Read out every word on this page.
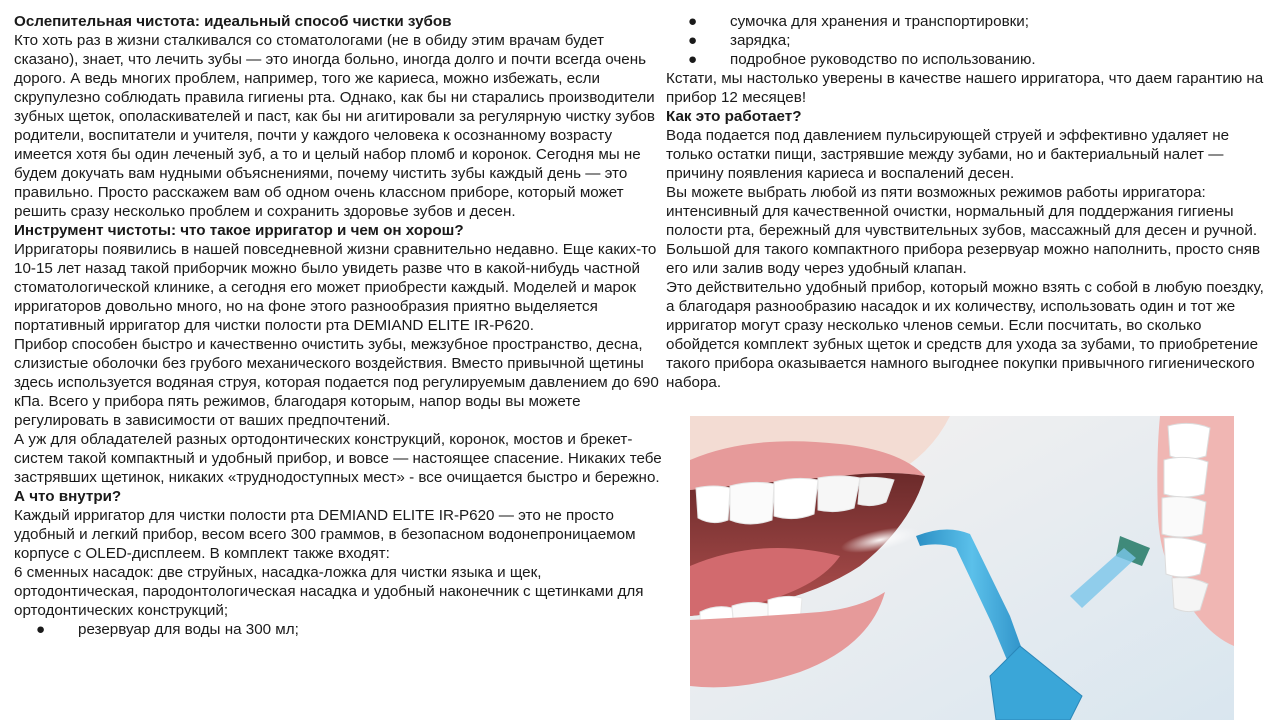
Ослепительная чистота: идеальный способ чистки зубов

Кто хоть раз в жизни сталкивался со стоматологами (не в обиду этим врачам будет сказано), знает, что лечить зубы — это иногда больно, иногда долго и почти всегда очень дорого. А ведь многих проблем, например, того же кариеса, можно избежать, если скрупулезно соблюдать правила гигиены рта. Однако, как бы ни старались производители зубных щеток, ополаскивателей и паст, как бы ни агитировали за регулярную чистку зубов родители, воспитатели и учителя, почти у каждого человека к осознанному возрасту имеется хотя бы один леченый зуб, а то и целый набор пломб и коронок. Сегодня мы не будем докучать вам нудными объяснениями, почему чистить зубы каждый день — это правильно. Просто расскажем вам об одном очень классном приборе, который может решить сразу несколько проблем и сохранить здоровье зубов и десен.

Инструмент чистоты: что такое ирригатор и чем он хорош?

Ирригаторы появились в нашей повседневной жизни сравнительно недавно. Еще каких-то 10-15 лет назад такой приборчик можно было увидеть разве что в какой-нибудь частной стоматологической клинике, а сегодня его может приобрести каждый. Моделей и марок ирригаторов довольно много, но на фоне этого разнообразия приятно выделяется портативный ирригатор для чистки полости рта DEMIAND ELITE IR-P620.

Прибор способен быстро и качественно очистить зубы, межзубное пространство, десна, слизистые оболочки без грубого механического воздействия. Вместо привычной щетины здесь используется водяная струя, которая подается под регулируемым давлением до 690 кПа. Всего у прибора пять режимов, благодаря которым, напор воды вы можете регулировать в зависимости от ваших предпочтений.

А уж для обладателей разных ортодонтических конструкций, коронок, мостов и брекет-систем такой компактный и удобный прибор, и вовсе — настоящее спасение. Никаких тебе застрявших щетинок, никаких «труднодоступных мест» - все очищается быстро и бережно.

А что внутри?

Каждый ирригатор для чистки полости рта DEMIAND ELITE IR-P620 — это не просто удобный и легкий прибор, весом всего 300 граммов, в безопасном водонепроницаемом корпусе с OLED-дисплеем. В комплект также входят:

6 сменных насадок: две струйных, насадка-ложка для чистки языка и щек, ортодонтическая, пародонтологическая насадка и удобный наконечник с щетинками для ортодонтических конструкций;

● резервуар для воды на 300 мл;
● сумочка для хранения и транспортировки;
● зарядка;
● подробное руководство по использованию.

Кстати, мы настолько уверены в качестве нашего ирригатора, что даем гарантию на прибор 12 месяцев!

Как это работает?

Вода подается под давлением пульсирующей струей и эффективно удаляет не только остатки пищи, застрявшие между зубами, но и бактериальный налет — причину появления кариеса и воспалений десен.

Вы можете выбрать любой из пяти возможных режимов работы ирригатора: интенсивный для качественной очистки, нормальный для поддержания гигиены полости рта, бережный для чувствительных зубов, массажный для десен и ручной.

Большой для такого компактного прибора резервуар можно наполнить, просто сняв его или залив воду через удобный клапан.

Это действительно удобный прибор, который можно взять с собой в любую поездку, а благодаря разнообразию насадок и их количеству, использовать один и тот же ирригатор могут сразу несколько членов семьи. Если посчитать, во сколько обойдется комплект зубных щеток и средств для ухода за зубами, то приобретение такого прибора оказывается намного выгоднее покупки привычного гигиенического набора.
